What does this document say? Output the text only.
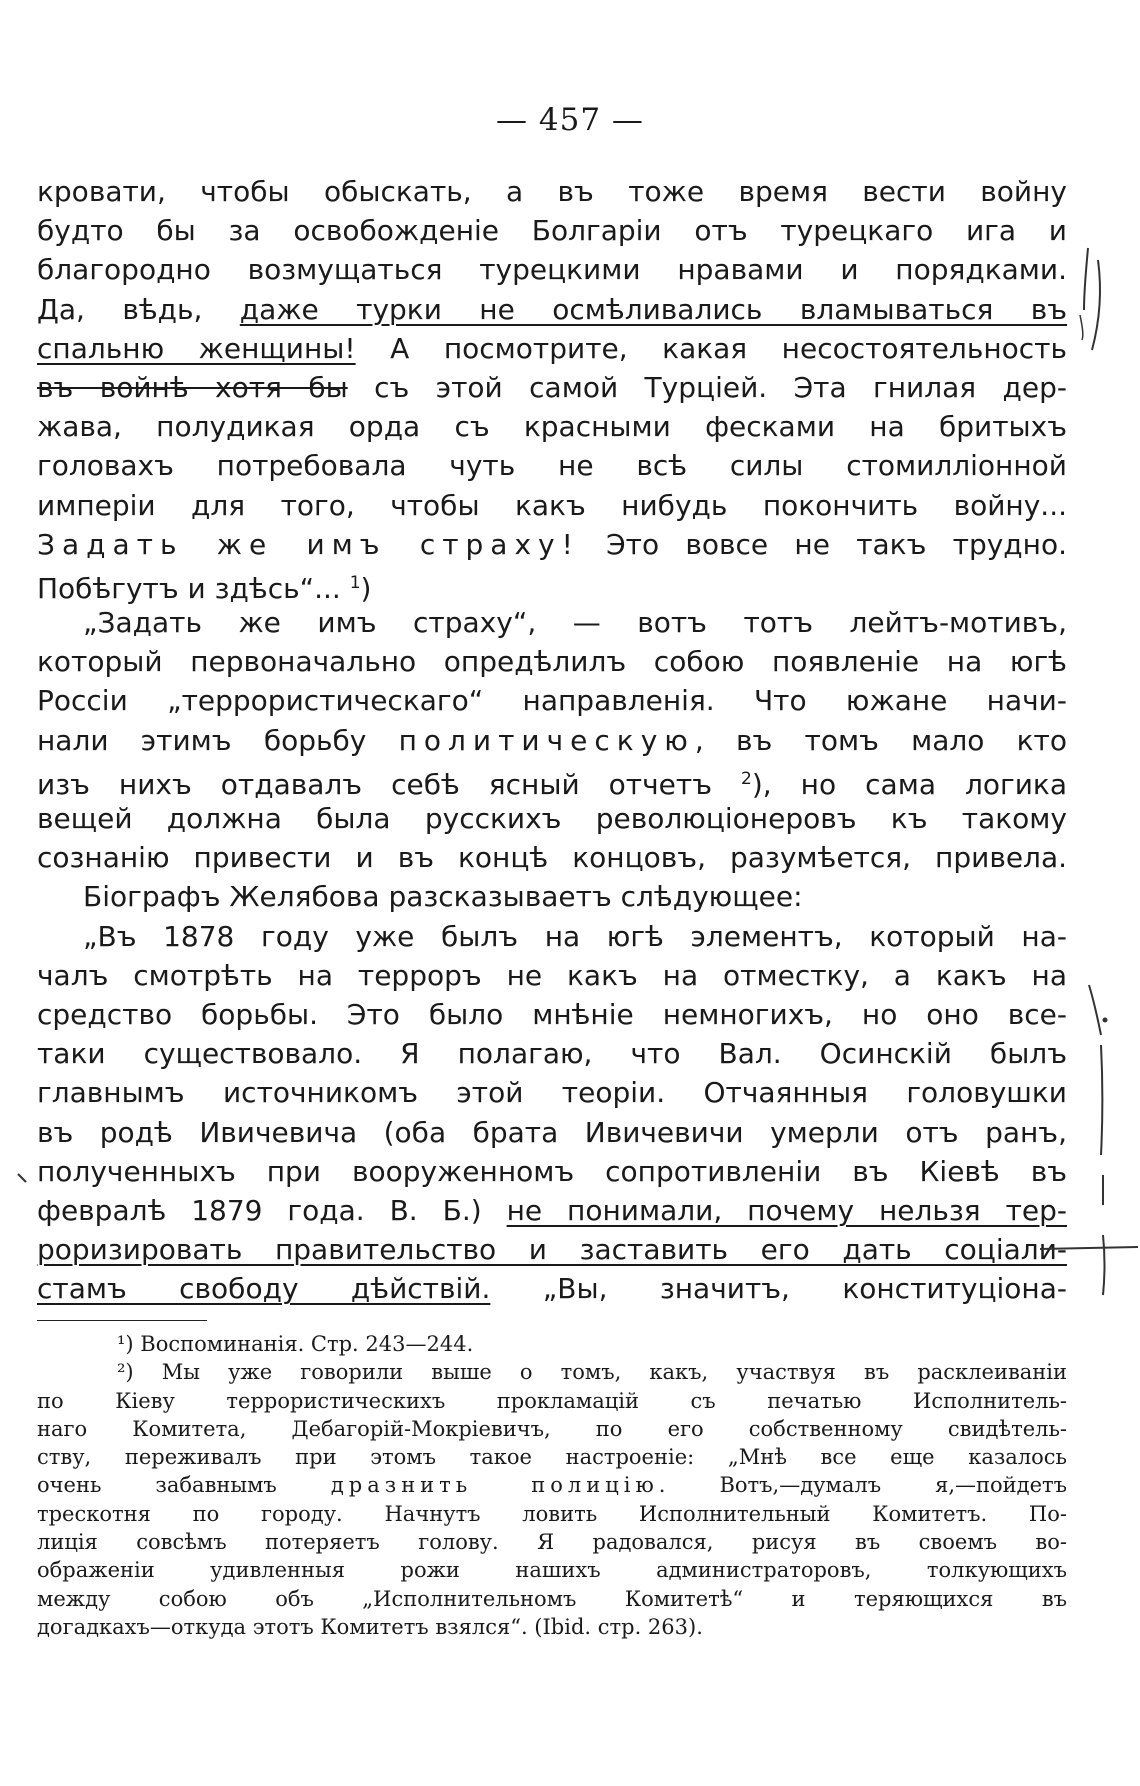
— 457 —
кровати, чтобы обыскать, а въ тоже время вести войну
будто бы за освобожденіе Болгаріи отъ турецкаго ига и
благородно возмущаться турецкими нравами и порядками.
Да, вѣдь, даже турки не осмѣливались вламываться въ
спальню женщины! А посмотрите, какая несостоятельность
въ войнѣ хотя бы съ этой самой Турціей. Эта гнилая дер-
жава, полудикая орда съ красными фесками на бритыхъ
головахъ потребовала чуть не всѣ силы стомилліонной
имперіи для того, чтобы какъ нибудь покончить войну...
Задать же имъ страху! Это вовсе не такъ трудно.
Побѣгутъ и здѣсь“... $^1$)
„Задать же имъ страху“, — вотъ тотъ лейтъ-мотивъ,
который первоначально опредѣлилъ собою появленіе на югѣ
Россіи „террористическаго“ направленія. Что южане начи-
нали этимъ борьбу политическую, въ томъ мало кто
изъ нихъ отдавалъ себѣ ясный отчетъ $^2$), но сама логика
вещей должна была русскихъ революціонеровъ къ такому
сознанію привести и въ концѣ концовъ, разумѣется, привела.
Біографъ Желябова разсказываетъ слѣдующее:
„Въ 1878 году уже былъ на югѣ элементъ, который на-
чалъ смотрѣть на терроръ не какъ на отместку, а какъ на
средство борьбы. Это было мнѣніе немногихъ, но оно все-
таки существовало. Я полагаю, что Вал. Осинскій былъ
главнымъ источникомъ этой теоріи. Отчаянныя головушки
въ родѣ Ивичевича (оба брата Ивичевичи умерли отъ ранъ,
полученныхъ при вооруженномъ сопротивленіи въ Кіевѣ въ
февралѣ 1879 года. В. Б.) не понимали, почему нельзя тер-
роризировать правительство и заставить его дать соціали-
стамъ свободу дѣйствій. „Вы, значитъ, конституціона-
¹) Воспоминанія. Стр. 243—244.
²) Мы уже говорили выше о томъ, какъ, участвуя въ расклеиваніи
по Кіеву террористическихъ прокламацій съ печатью Исполнитель-
наго Комитета, Дебагорій-Мокріевичъ, по его собственному свидѣтель-
ству, переживалъ при этомъ такое настроеніе: „Мнѣ все еще казалось
очень забавнымъ дразнить полицію. Вотъ,—думалъ я,—пойдетъ
трескотня по городу. Начнутъ ловить Исполнительный Комитетъ. По-
лиція совсѣмъ потеряетъ голову. Я радовался, рисуя въ своемъ во-
ображеніи удивленныя рожи нашихъ администраторовъ, толкующихъ
между собою объ „Исполнительномъ Комитетѣ“ и теряющихся въ
догадкахъ—откуда этотъ Комитетъ взялся“. (Ibid. стр. 263).
